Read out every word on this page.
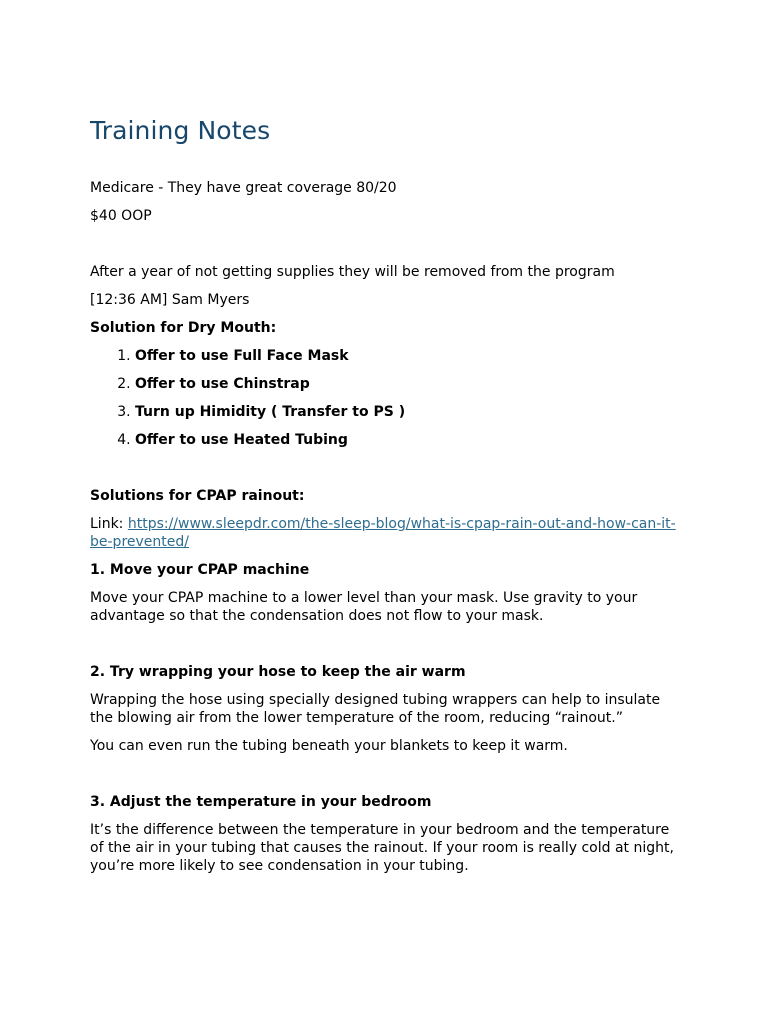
Training Notes

Medicare - They have great coverage 80/20

$40 OOP

After a year of not getting supplies they will be removed from the program

[12:36 AM] Sam Myers

Solution for Dry Mouth:

1. Offer to use Full Face Mask
2. Offer to use Chinstrap
3. Turn up Himidity ( Transfer to PS )
4. Offer to use Heated Tubing

Solutions for CPAP rainout:

Link: https://www.sleepdr.com/the-sleep-blog/what-is-cpap-rain-out-and-how-can-it-be-prevented/

1. Move your CPAP machine

Move your CPAP machine to a lower level than your mask. Use gravity to your advantage so that the condensation does not flow to your mask.

2. Try wrapping your hose to keep the air warm

Wrapping the hose using specially designed tubing wrappers can help to insulate the blowing air from the lower temperature of the room, reducing “rainout.”

You can even run the tubing beneath your blankets to keep it warm.

3. Adjust the temperature in your bedroom

It’s the difference between the temperature in your bedroom and the temperature of the air in your tubing that causes the rainout. If your room is really cold at night, you’re more likely to see condensation in your tubing.
